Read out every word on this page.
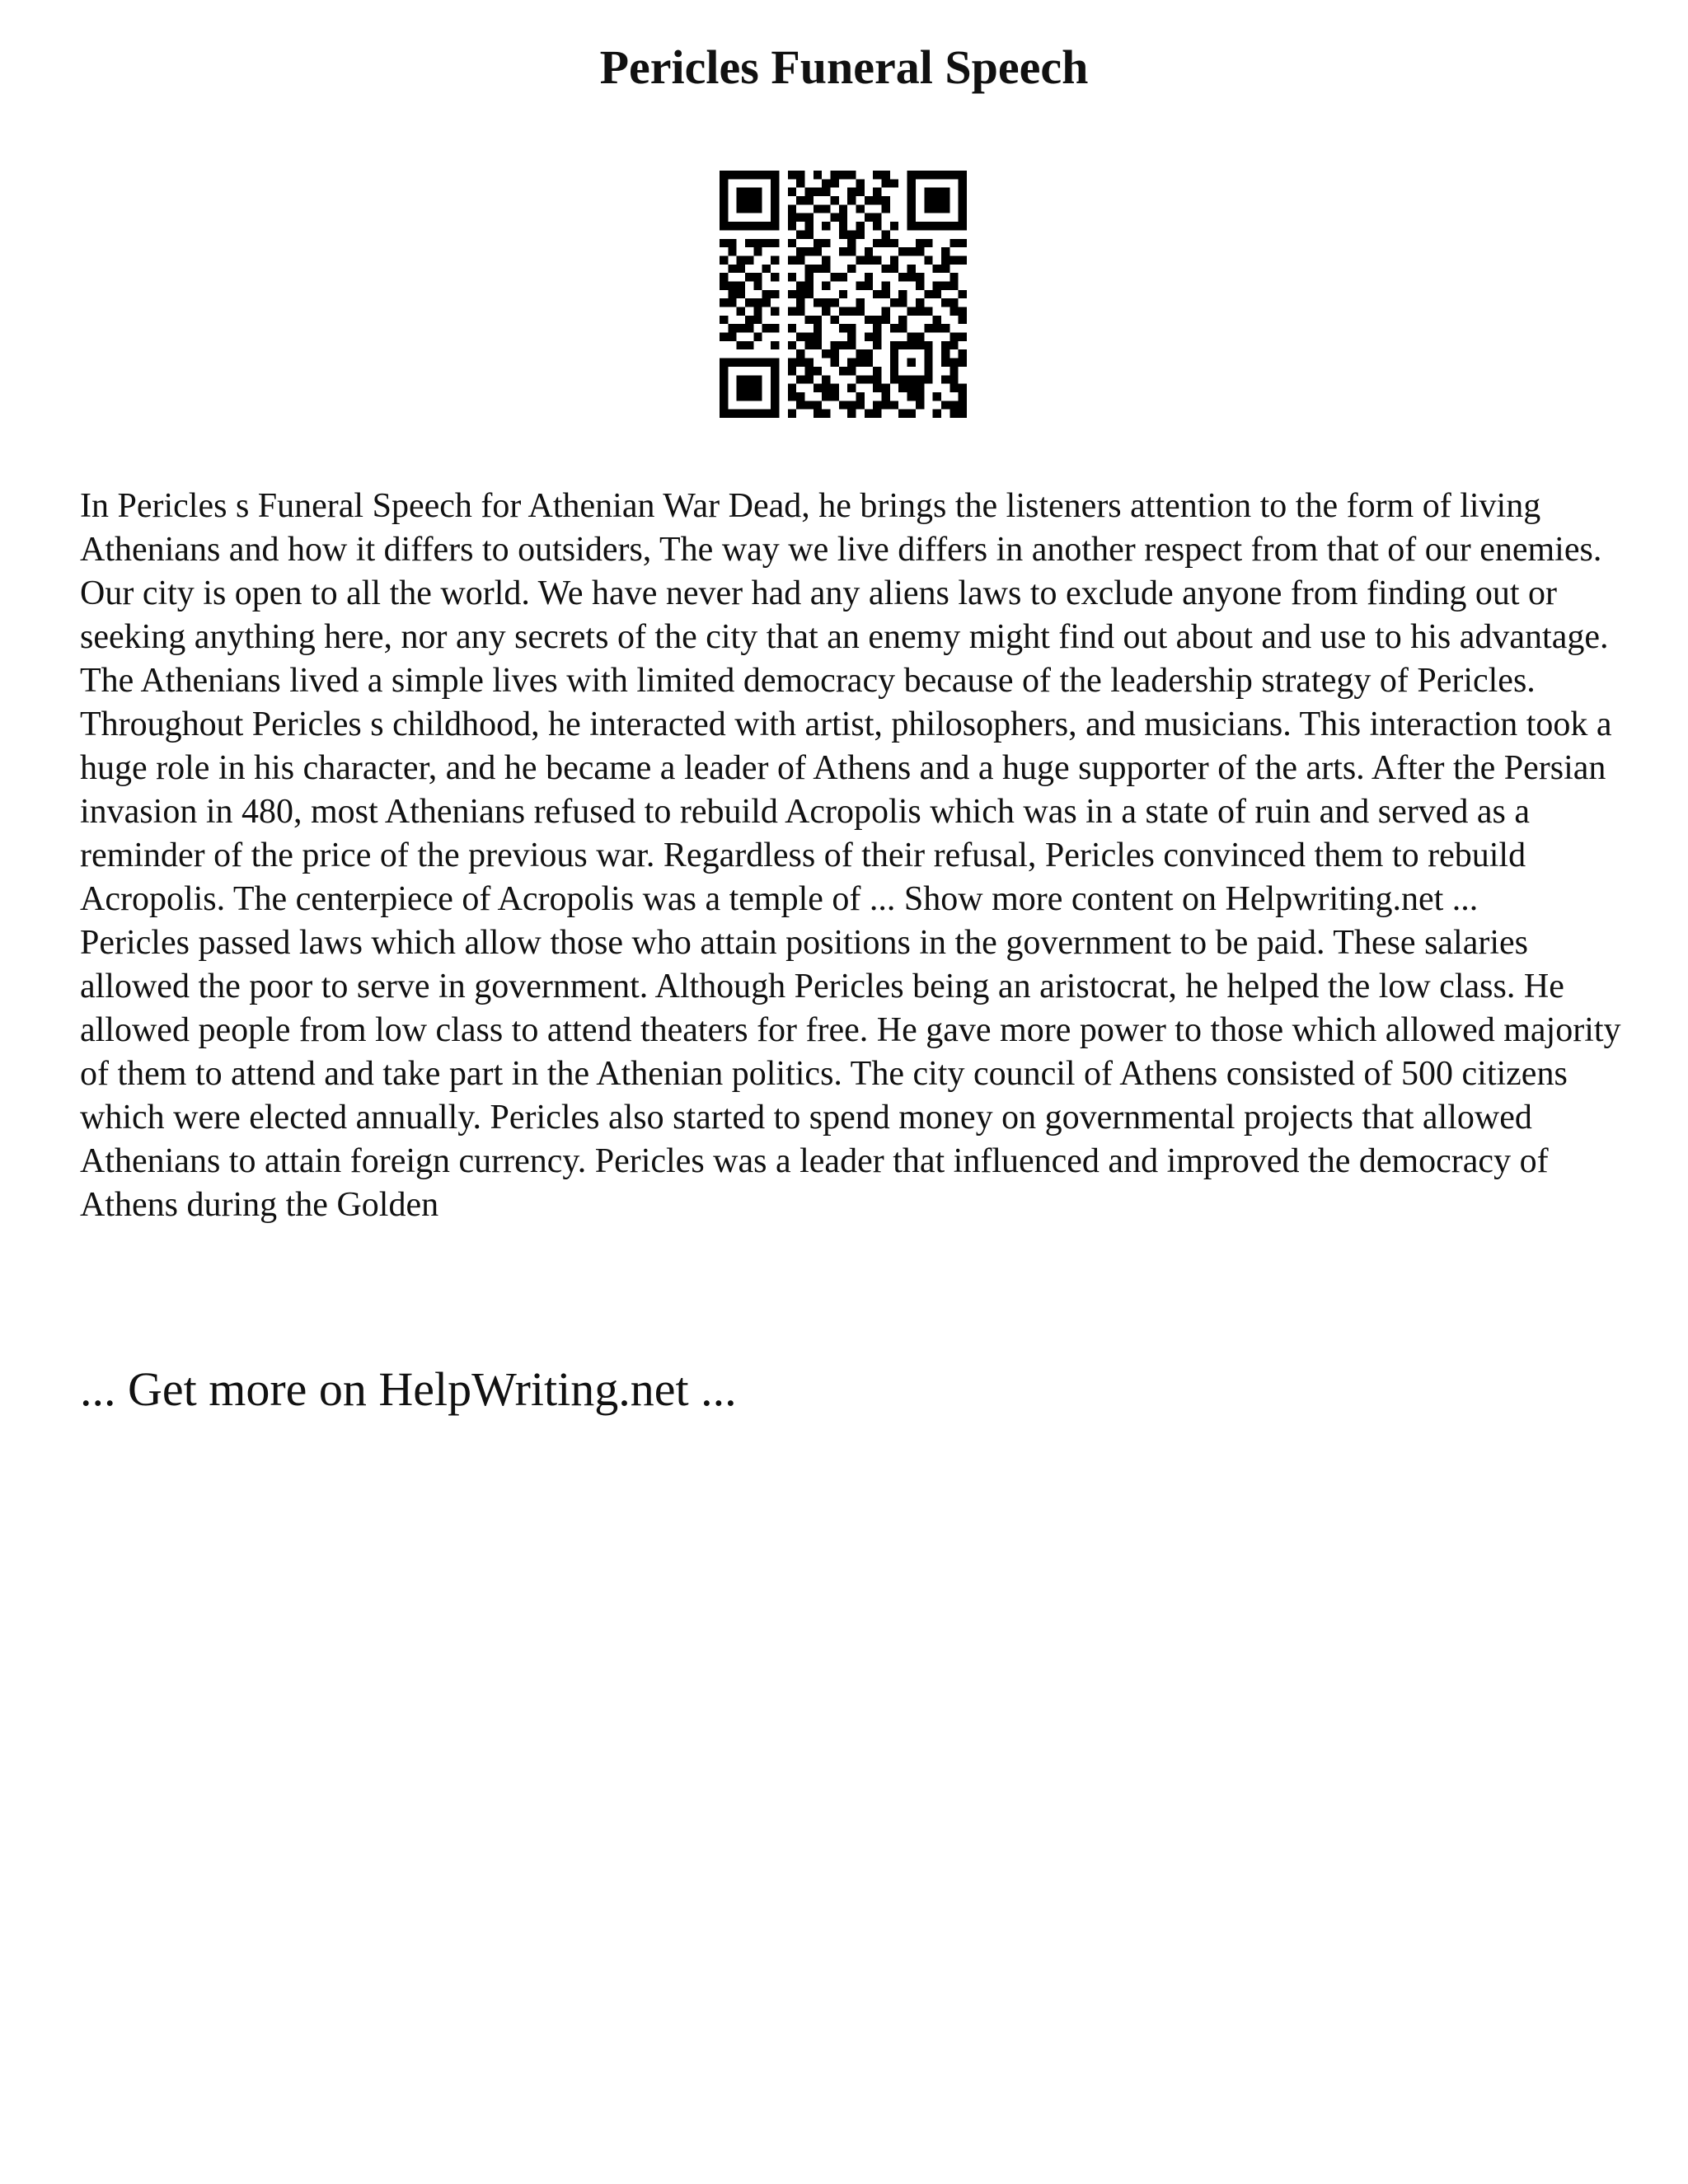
Pericles Funeral Speech

In Pericles s Funeral Speech for Athenian War Dead, he brings the listeners attention to the form of living Athenians and how it differs to outsiders, The way we live differs in another respect from that of our enemies. Our city is open to all the world. We have never had any aliens laws to exclude anyone from finding out or seeking anything here, nor any secrets of the city that an enemy might find out about and use to his advantage. The Athenians lived a simple lives with limited democracy because of the leadership strategy of Pericles.

Throughout Pericles s childhood, he interacted with artist, philosophers, and musicians. This interaction took a huge role in his character, and he became a leader of Athens and a huge supporter of the arts. After the Persian invasion in 480, most Athenians refused to rebuild Acropolis which was in a state of ruin and served as a reminder of the price of the previous war. Regardless of their refusal, Pericles convinced them to rebuild Acropolis. The centerpiece of Acropolis was a temple of ... Show more content on Helpwriting.net ...

Pericles passed laws which allow those who attain positions in the government to be paid. These salaries allowed the poor to serve in government. Although Pericles being an aristocrat, he helped the low class. He allowed people from low class to attend theaters for free. He gave more power to those which allowed majority of them to attend and take part in the Athenian politics. The city council of Athens consisted of 500 citizens which were elected annually. Pericles also started to spend money on governmental projects that allowed Athenians to attain foreign currency. Pericles was a leader that influenced and improved the democracy of Athens during the Golden

... Get more on HelpWriting.net ...
